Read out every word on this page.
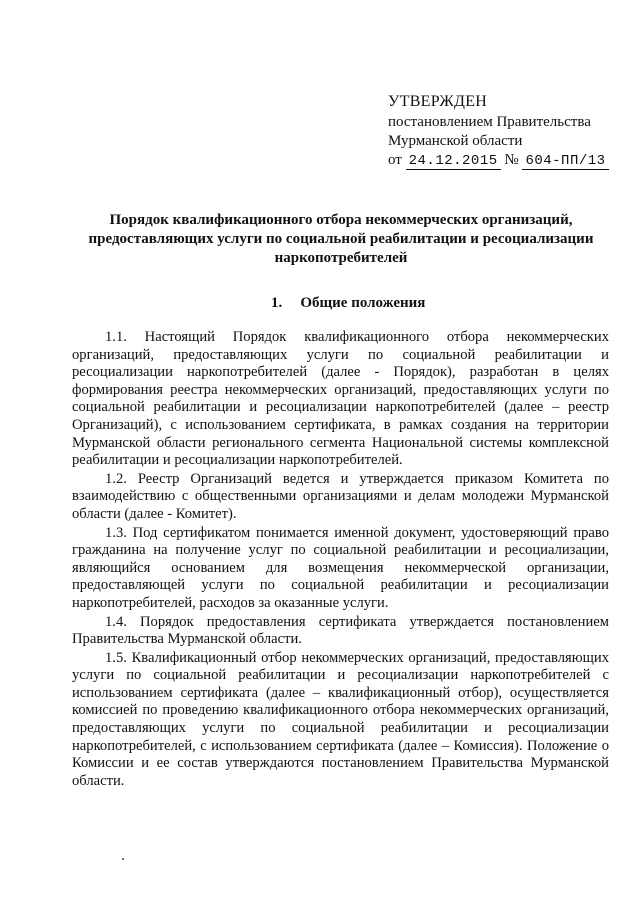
УТВЕРЖДЕН
постановлением Правительства
Мурманской области
от 24.12.2015 № 604-ПП/13
Порядок квалификационного отбора некоммерческих организаций,
предоставляющих услуги по социальной реабилитации и ресоциализации
наркопотребителей
1. Общие положения

1.1. Настоящий Порядок квалификационного отбора некоммерческих организаций, предоставляющих услуги по социальной реабилитации и ресоциализации наркопотребителей (далее - Порядок), разработан в целях формирования реестра некоммерческих организаций, предоставляющих услуги по социальной реабилитации и ресоциализации наркопотребителей (далее – реестр Организаций), с использованием сертификата, в рамках создания на территории Мурманской области регионального сегмента Национальной системы комплексной реабилитации и ресоциализации наркопотребителей.

1.2. Реестр Организаций ведется и утверждается приказом Комитета по взаимодействию с общественными организациями и делам молодежи Мурманской области (далее - Комитет).

1.3. Под сертификатом понимается именной документ, удостоверяющий право гражданина на получение услуг по социальной реабилитации и ресоциализации, являющийся основанием для возмещения некоммерческой организации, предоставляющей услуги по социальной реабилитации и ресоциализации наркопотребителей, расходов за оказанные услуги.

1.4. Порядок предоставления сертификата утверждается постановлением Правительства Мурманской области.

1.5. Квалификационный отбор некоммерческих организаций, предоставляющих услуги по социальной реабилитации и ресоциализации наркопотребителей с использованием сертификата (далее – квалификационный отбор), осуществляется комиссией по проведению квалификационного отбора некоммерческих организаций, предоставляющих услуги по социальной реабилитации и ресоциализации наркопотребителей, с использованием сертификата (далее – Комиссия). Положение о Комиссии и ее состав утверждаются постановлением Правительства Мурманской области.
